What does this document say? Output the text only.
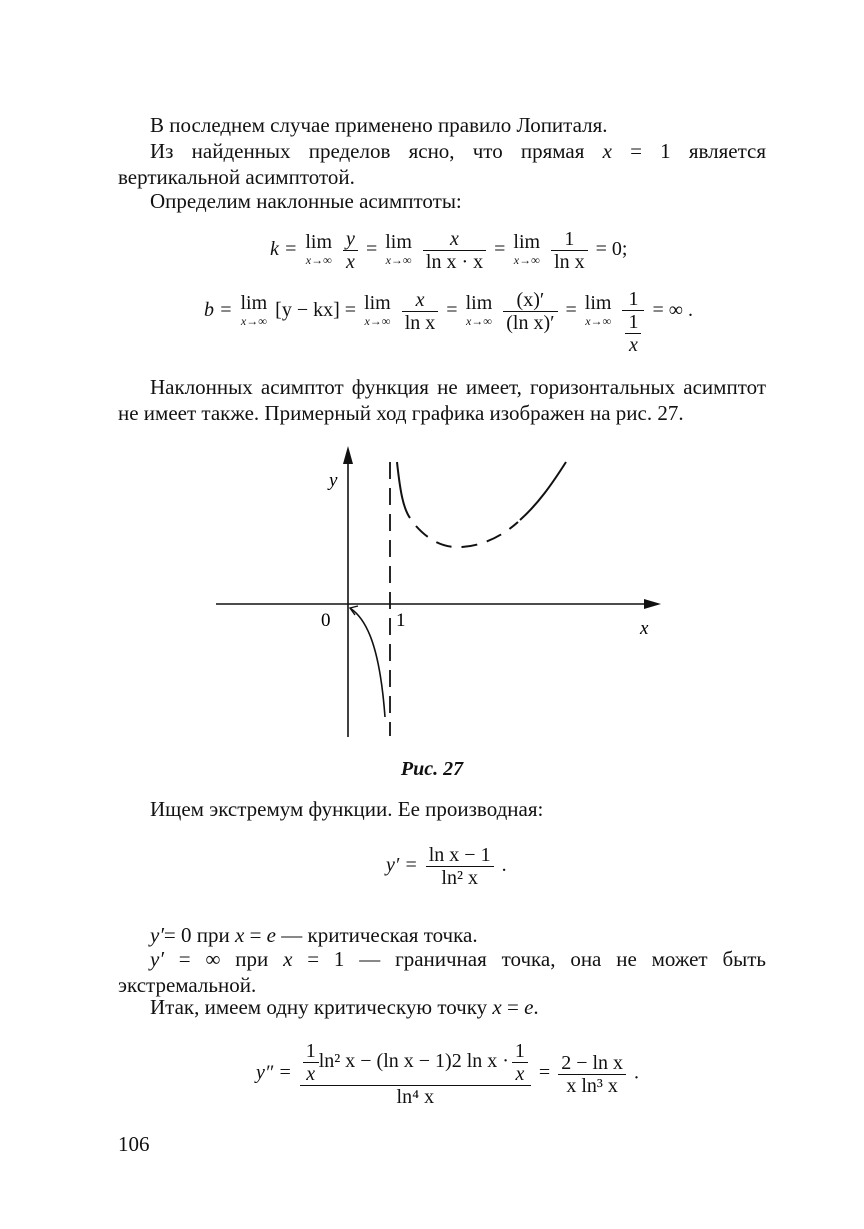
В последнем случае применено правило Лопиталя.
Из найденных пределов ясно, что прямая x = 1 является вертикальной асимптотой.
Определим наклонные асимптоты:
k = lim
x→∞
$\frac{y}{x} = \lim$
x→∞
$\frac{x}{\text{ln x · x}} = \lim$
x→∞
$\frac{1}{\text{ln x}} = 0$;
b = lim
x→∞ [y − kx] = lim
x→∞
$\frac{x}{\text{ln x}} = \lim$
x→∞
$\frac{(x)'}{\text{(ln x)′}} = \lim$
x→∞
$\frac{1}{\frac{1}{x}}$ = ∞ .
Наклонных асимптот функция не имеет, горизонтальных асимптот не имеет также. Примерный ход графика изображен на рис. 27.
y
0	1	x
Рис. 27
Ищем экстремум функции. Ее производная:
$y' = \frac{\text{ln x − 1}}{\text{ln² x}}$ .
y′= 0 при x = e — критическая точка.
y′ = ∞ при x = 1 — граничная точка, она не может быть экстремальной.
Итак, имеем одну критическую точку x = e.
$y'' = \frac{\frac{1}{x} \ln^2 x - (\ln x - 1)2 \ln x \cdot \frac{1}{x}}{\text{ln⁴ x}} = \frac{\text{2 − ln x}}{\text{x ln³ x}}$ .
106
